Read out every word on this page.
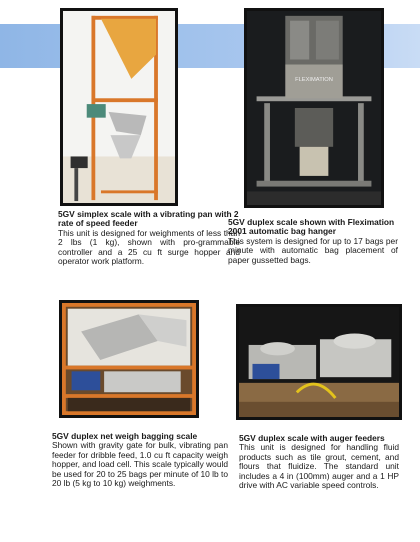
FLEXIMATION
5GV simplex scale with a vibrating pan with 2 rate of speed feeder
This unit is designed for weighments of less than 2 lbs (1 kg), shown with pro-grammable controller and a 25 cu ft surge hopper and operator work platform.
5GV duplex scale shown with Fleximation 2001 automatic bag hanger
This system is designed for up to 17 bags per minute with automatic bag placement of paper gussetted bags.
5GV duplex net weigh bagging scale
Shown with gravity gate for bulk, vibrating pan feeder for dribble feed, 1.0 cu ft capacity weigh hopper, and load cell. This scale typically would be used for 20 to 25 bags per minute of 10 lb to 20 lb (5 kg to 10 kg) weighments.
5GV duplex scale with auger feeders
This unit is designed for handling fluid products such as tile grout, cement, and flours that fluidize. The standard unit includes a 4 in (100mm) auger and a 1 HP drive with AC variable speed controls.
